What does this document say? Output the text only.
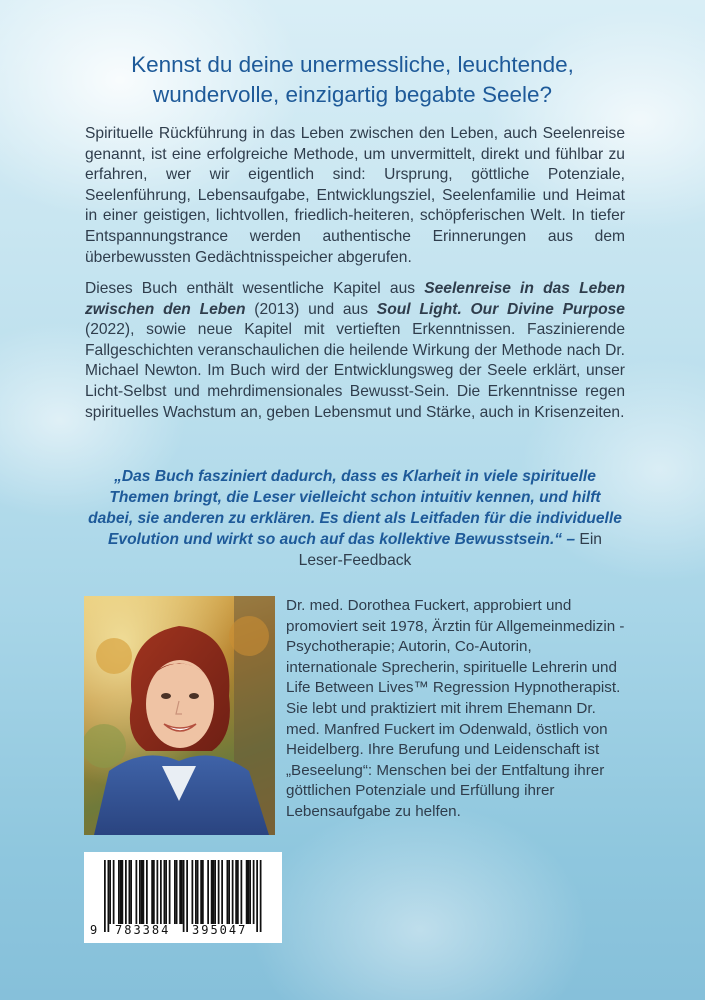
Kennst du deine unermessliche, leuchtende,
wundervolle, einzigartig begabte Seele?
Spirituelle Rückführung in das Leben zwischen den Leben, auch Seelenreise genannt, ist eine erfolgreiche Methode, um unvermittelt, direkt und fühlbar zu erfahren, wer wir eigentlich sind: Ursprung, göttliche Potenziale, Seelenführung, Lebensaufgabe, Entwicklungsziel, Seelenfamilie und Heimat in einer geistigen, lichtvollen, friedlich-heiteren, schöpferischen Welt. In tiefer Entspannungstrance werden authentische Erinnerungen aus dem überbewussten Gedächtnisspeicher abgerufen.
Dieses Buch enthält wesentliche Kapitel aus Seelenreise in das Leben zwischen den Leben (2013) und aus Soul Light. Our Divine Purpose (2022), sowie neue Kapitel mit vertieften Erkenntnissen. Faszinierende Fallgeschichten veranschaulichen die heilende Wirkung der Methode nach Dr. Michael Newton. Im Buch wird der Entwicklungsweg der Seele erklärt, unser Licht-Selbst und mehrdimensionales Bewusst-Sein. Die Erkenntnisse regen spirituelles Wachstum an, geben Lebensmut und Stärke, auch in Krisenzeiten.
„Das Buch fasziniert dadurch, dass es Klarheit in viele spirituelle Themen bringt, die Leser vielleicht schon intuitiv kennen, und hilft dabei, sie anderen zu erklären. Es dient als Leitfaden für die individuelle Evolution und wirkt so auch auf das kollektive Bewusstsein.“ – Ein Leser-Feedback
Dr. med. Dorothea Fuckert, approbiert und promoviert seit 1978, Ärztin für Allgemeinmedizin - Psychotherapie; Autorin, Co-Autorin, internationale Sprecherin, spirituelle Lehrerin und Life Between Lives™ Regression Hypnotherapist. Sie lebt und praktiziert mit ihrem Ehemann Dr. med. Manfred Fuckert im Odenwald, östlich von Heidelberg. Ihre Berufung und Leidenschaft ist „Beseelung“: Menschen bei der Entfaltung ihrer göttlichen Potenziale und Erfüllung ihrer Lebensaufgabe zu helfen.
9 783384 395047
